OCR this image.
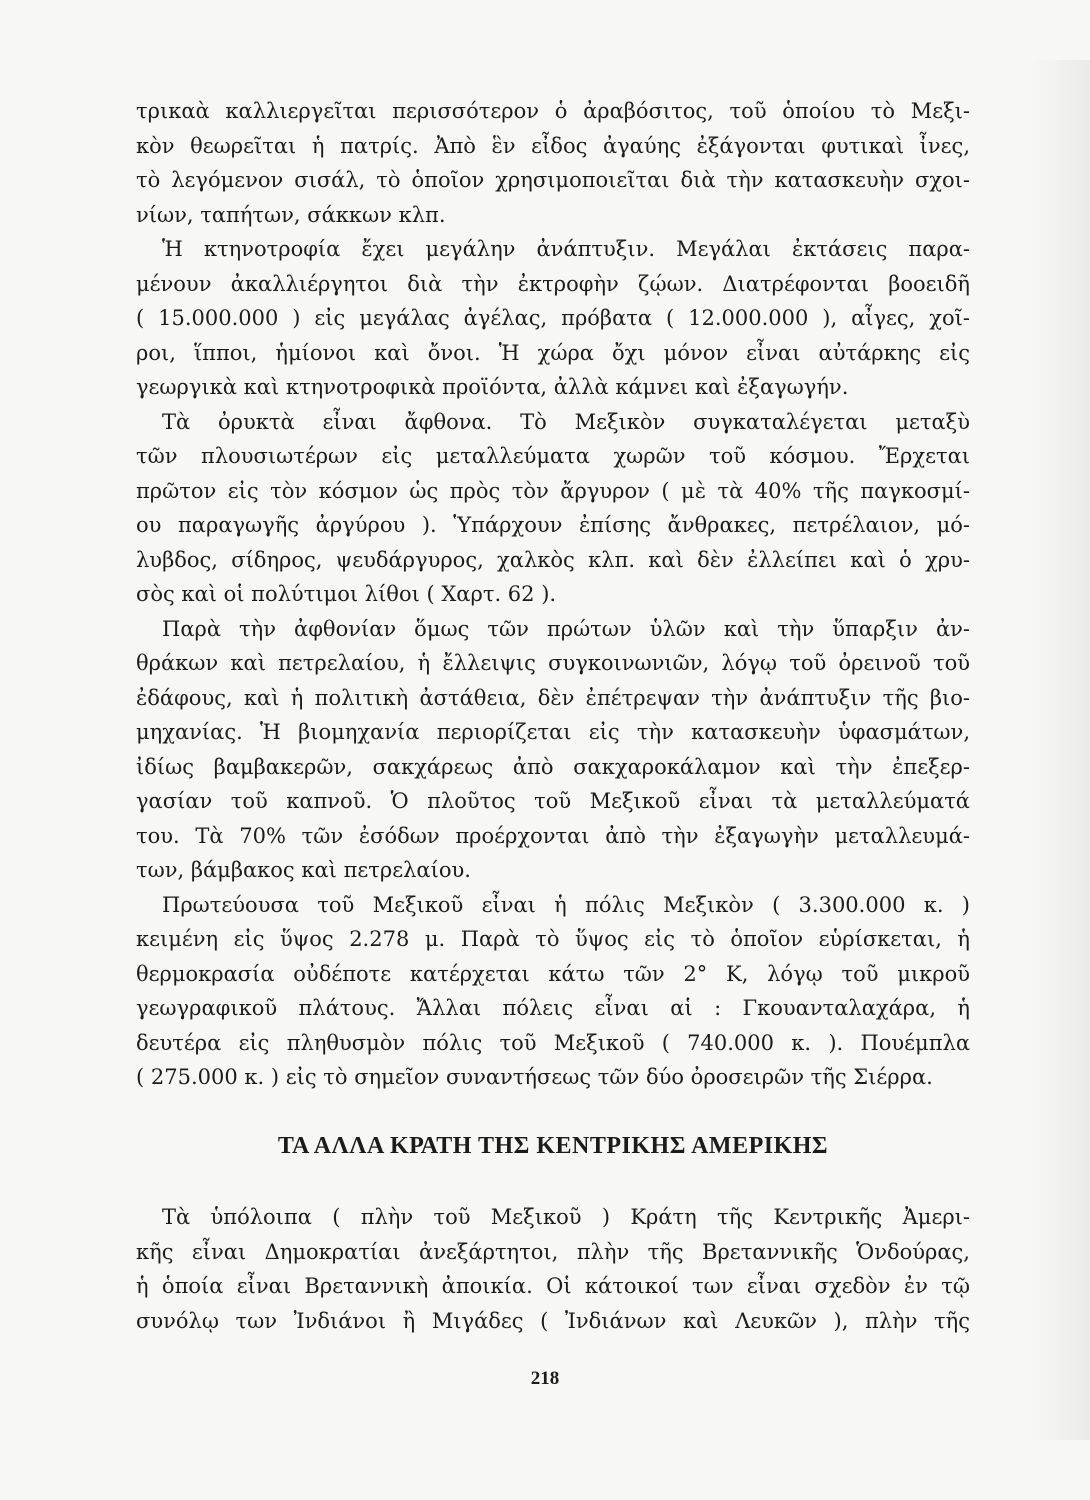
τρικαὰ καλλιεργεῖται περισσότερον ὁ ἀραβόσιτος, τοῦ ὁποίου τὸ Μεξι-
κὸν θεωρεῖται ἡ πατρίς. Ἀπὸ ἓν εἶδος ἀγαύης ἐξάγονται φυτικαὶ ἶνες,
τὸ λεγόμενον σισάλ, τὸ ὁποῖον χρησιμοποιεῖται διὰ τὴν κατασκευὴν σχοι-
νίων, ταπήτων, σάκκων κλπ.
Ἡ κτηνοτροφία ἔχει μεγάλην ἀνάπτυξιν. Μεγάλαι ἐκτάσεις παρα-
μένουν ἀκαλλιέργητοι διὰ τὴν ἐκτροφὴν ζῴων. Διατρέφονται βοοειδῆ
( 15.000.000 ) εἰς μεγάλας ἀγέλας, πρόβατα ( 12.000.000 ), αἶγες, χοῖ-
ροι, ἵπποι, ἡμίονοι καὶ ὄνοι. Ἡ χώρα ὄχι μόνον εἶναι αὐτάρκης εἰς
γεωργικὰ καὶ κτηνοτροφικὰ προϊόντα, ἀλλὰ κάμνει καὶ ἐξαγωγήν.
Τὰ ὀρυκτὰ εἶναι ἄφθονα. Τὸ Μεξικὸν συγκαταλέγεται μεταξὺ
τῶν πλουσιωτέρων εἰς μεταλλεύματα χωρῶν τοῦ κόσμου. Ἔρχεται
πρῶτον εἰς τὸν κόσμον ὡς πρὸς τὸν ἄργυρον ( μὲ τὰ 40% τῆς παγκοσμί-
ου παραγωγῆς ἀργύρου ). Ὑπάρχουν ἐπίσης ἄνθρακες, πετρέλαιον, μό-
λυβδος, σίδηρος, ψευδάργυρος, χαλκὸς κλπ. καὶ δὲν ἐλλείπει καὶ ὁ χρυ-
σὸς καὶ οἱ πολύτιμοι λίθοι ( Χαρτ. 62 ).
Παρὰ τὴν ἀφθονίαν ὅμως τῶν πρώτων ὑλῶν καὶ τὴν ὕπαρξιν ἀν-
θράκων καὶ πετρελαίου, ἡ ἔλλειψις συγκοινωνιῶν, λόγῳ τοῦ ὀρεινοῦ τοῦ
ἐδάφους, καὶ ἡ πολιτικὴ ἀστάθεια, δὲν ἐπέτρεψαν τὴν ἀνάπτυξιν τῆς βιο-
μηχανίας. Ἡ βιομηχανία περιορίζεται εἰς τὴν κατασκευὴν ὑφασμάτων,
ἰδίως βαμβακερῶν, σακχάρεως ἀπὸ σακχαροκάλαμον καὶ τὴν ἐπεξερ-
γασίαν τοῦ καπνοῦ. Ὁ πλοῦτος τοῦ Μεξικοῦ εἶναι τὰ μεταλλεύματά
του. Τὰ 70% τῶν ἐσόδων προέρχονται ἀπὸ τὴν ἐξαγωγὴν μεταλλευμά-
των, βάμβακος καὶ πετρελαίου.
Πρωτεύουσα τοῦ Μεξικοῦ εἶναι ἡ πόλις Μεξικὸν ( 3.300.000 κ. )
κειμένη εἰς ὕψος 2.278 μ. Παρὰ τὸ ὕψος εἰς τὸ ὁποῖον εὑρίσκεται, ἡ
θερμοκρασία οὐδέποτε κατέρχεται κάτω τῶν 2° Κ, λόγῳ τοῦ μικροῦ
γεωγραφικοῦ πλάτους. Ἄλλαι πόλεις εἶναι αἱ : Γκουανταλαχάρα, ἡ
δευτέρα εἰς πληθυσμὸν πόλις τοῦ Μεξικοῦ ( 740.000 κ. ). Πουέμπλα
( 275.000 κ. ) εἰς τὸ σημεῖον συναντήσεως τῶν δύο ὀροσειρῶν τῆς Σιέρρα.
ΤΑ ΑΛΛΑ ΚΡΑΤΗ ΤΗΣ ΚΕΝΤΡΙΚΗΣ ΑΜΕΡΙΚΗΣ
Τὰ ὑπόλοιπα ( πλὴν τοῦ Μεξικοῦ ) Κράτη τῆς Κεντρικῆς Ἀμερι-
κῆς εἶναι Δημοκρατίαι ἀνεξάρτητοι, πλὴν τῆς Βρεταννικῆς Ὁνδούρας,
ἡ ὁποία εἶναι Βρεταννικὴ ἀποικία. Οἱ κάτοικοί των εἶναι σχεδὸν ἐν τῷ
συνόλῳ των Ἰνδιάνοι ἢ Μιγάδες ( Ἰνδιάνων καὶ Λευκῶν ), πλὴν τῆς
218
